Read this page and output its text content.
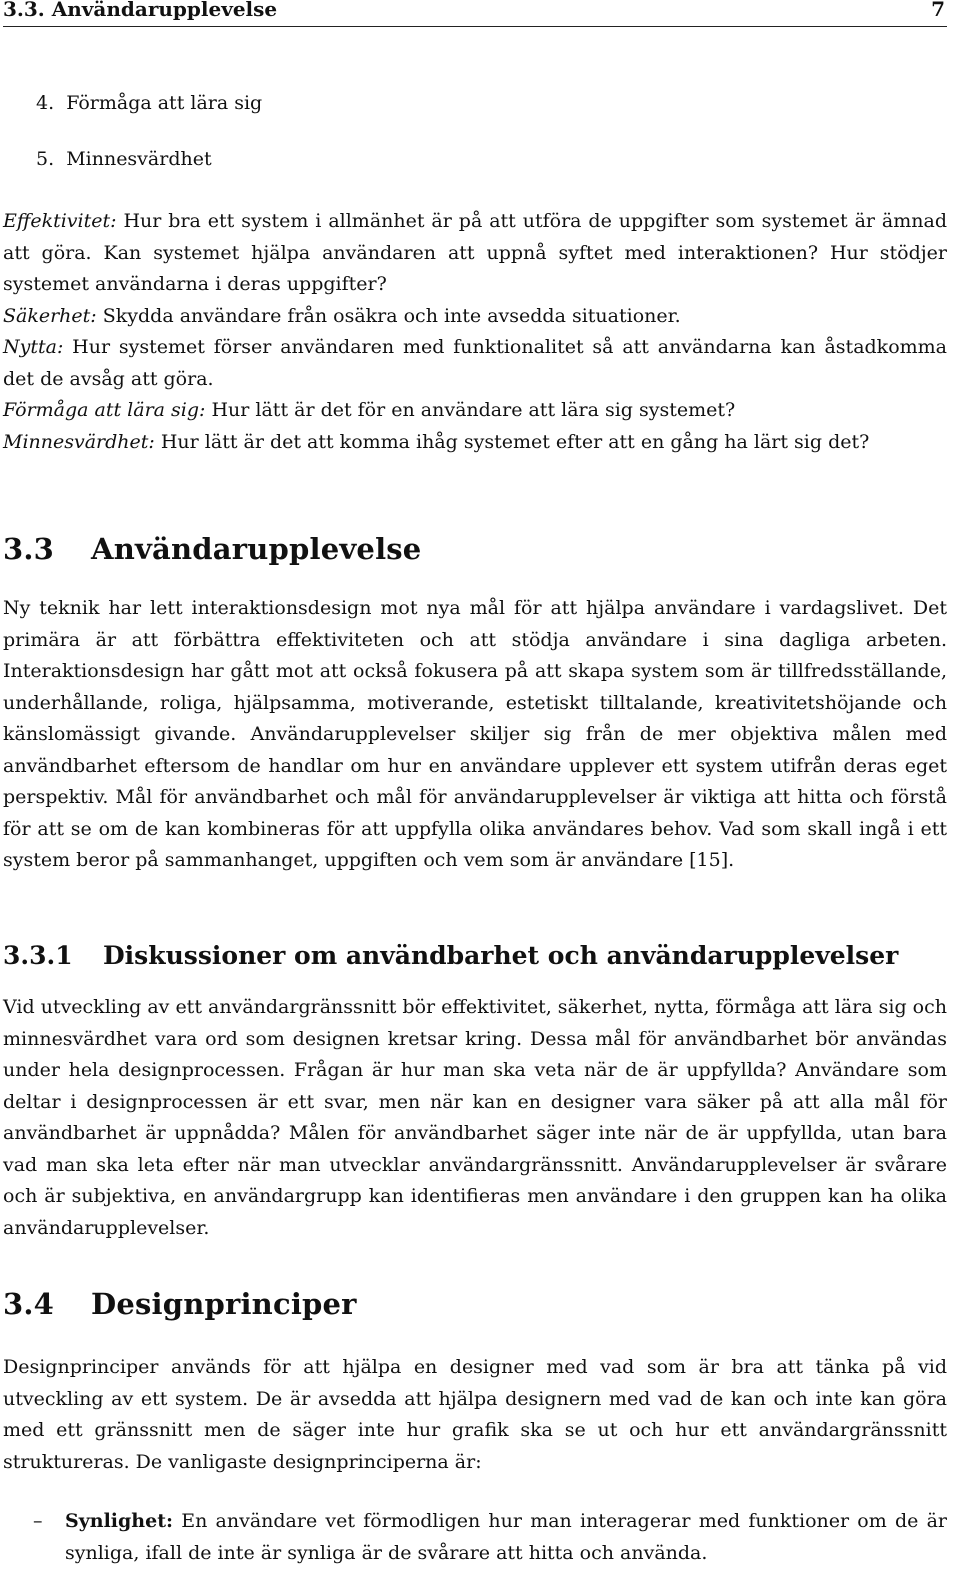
3.3. Användarupplevelse	7
4. Förmåga att lära sig
5. Minnesvärdhet

Effektivitet: Hur bra ett system i allmänhet är på att utföra de uppgifter som systemet är ämnad att göra. Kan systemet hjälpa användaren att uppnå syftet med interaktionen? Hur stödjer systemet användarna i deras uppgifter?

Säkerhet: Skydda användare från osäkra och inte avsedda situationer.

Nytta: Hur systemet förser användaren med funktionalitet så att användarna kan åstadkomma det de avsåg att göra.

Förmåga att lära sig: Hur lätt är det för en användare att lära sig systemet?

Minnesvärdhet: Hur lätt är det att komma ihåg systemet efter att en gång ha lärt sig det?

3.3 Användarupplevelse

Ny teknik har lett interaktionsdesign mot nya mål för att hjälpa användare i vardagslivet. Det primära är att förbättra effektiviteten och att stödja användare i sina dagliga arbeten. Interaktionsdesign har gått mot att också fokusera på att skapa system som är tillfredsställande, underhållande, roliga, hjälpsamma, motiverande, estetiskt tilltalande, kreativitetshöjande och känslomässigt givande. Användarupplevelser skiljer sig från de mer objektiva målen med användbarhet eftersom de handlar om hur en användare upplever ett system utifrån deras eget perspektiv. Mål för användbarhet och mål för användarupplevelser är viktiga att hitta och förstå för att se om de kan kombineras för att uppfylla olika användares behov. Vad som skall ingå i ett system beror på sammanhanget, uppgiften och vem som är användare [15].

3.3.1 Diskussioner om användbarhet och användarupplevelser

Vid utveckling av ett användargränssnitt bör effektivitet, säkerhet, nytta, förmåga att lära sig och minnesvärdhet vara ord som designen kretsar kring. Dessa mål för användbarhet bör användas under hela designprocessen. Frågan är hur man ska veta när de är uppfyllda? Användare som deltar i designprocessen är ett svar, men när kan en designer vara säker på att alla mål för användbarhet är uppnådda? Målen för användbarhet säger inte när de är uppfyllda, utan bara vad man ska leta efter när man utvecklar användargränssnitt. Användarupplevelser är svårare och är subjektiva, en användargrupp kan identifieras men användare i den gruppen kan ha olika användarupplevelser.

3.4 Designprinciper

Designprinciper används för att hjälpa en designer med vad som är bra att tänka på vid utveckling av ett system. De är avsedda att hjälpa designern med vad de kan och inte kan göra med ett gränssnitt men de säger inte hur grafik ska se ut och hur ett användargränssnitt struktureras. De vanligaste designprinciperna är:

– Synlighet: En användare vet förmodligen hur man interagerar med funktioner om de är synliga, ifall de inte är synliga är de svårare att hitta och använda.
